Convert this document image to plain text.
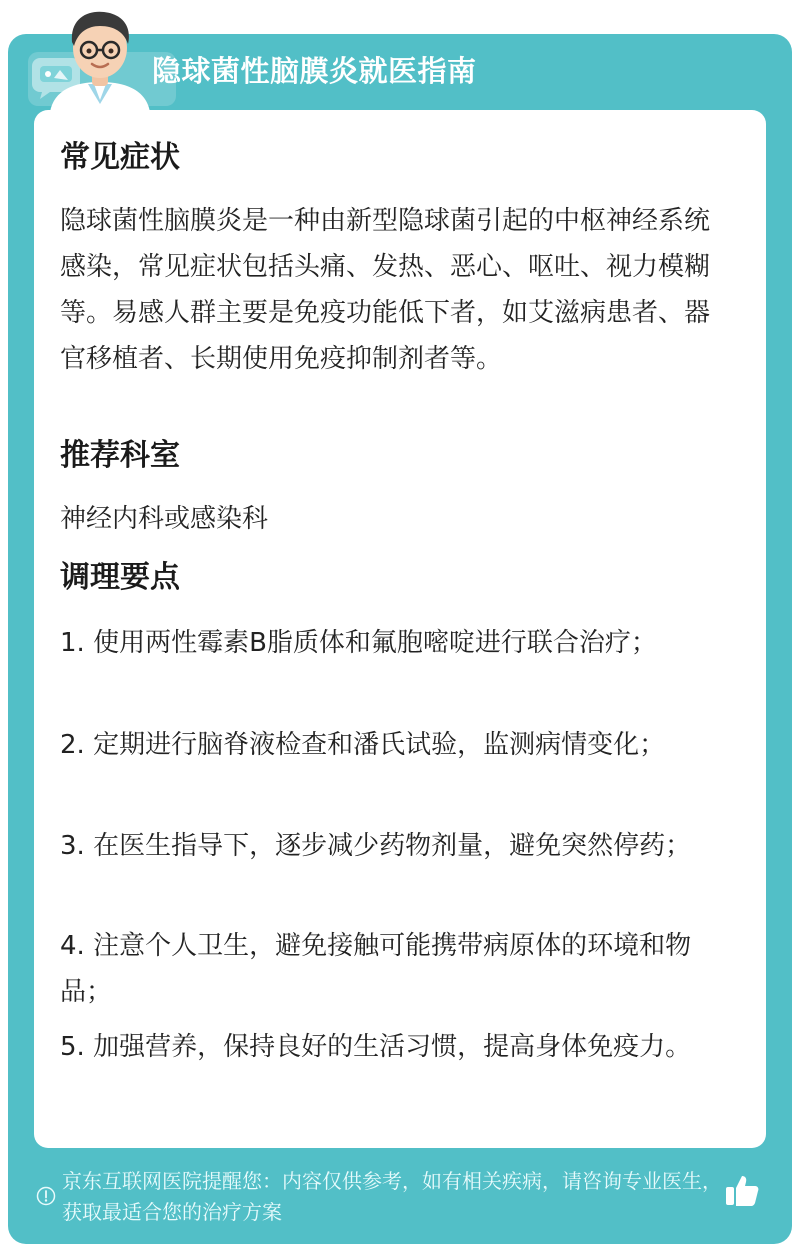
隐球菌性脑膜炎就医指南
常见症状

隐球菌性脑膜炎是一种由新型隐球菌引起的中枢神经系统感染，常见症状包括头痛、发热、恶心、呕吐、视力模糊等。易感人群主要是免疫功能低下者，如艾滋病患者、器官移植者、长期使用免疫抑制剂者等。

推荐科室

神经内科或感染科

调理要点

1. 使用两性霉素B脂质体和氟胞嘧啶进行联合治疗；

2. 定期进行脑脊液检查和潘氏试验，监测病情变化；

3. 在医生指导下，逐步减少药物剂量，避免突然停药；

4. 注意个人卫生，避免接触可能携带病原体的环境和物品；

5. 加强营养，保持良好的生活习惯，提高身体免疫力。

京东互联网医院提醒您：内容仅供参考，如有相关疾病，请咨询专业医生，获取最适合您的治疗方案
